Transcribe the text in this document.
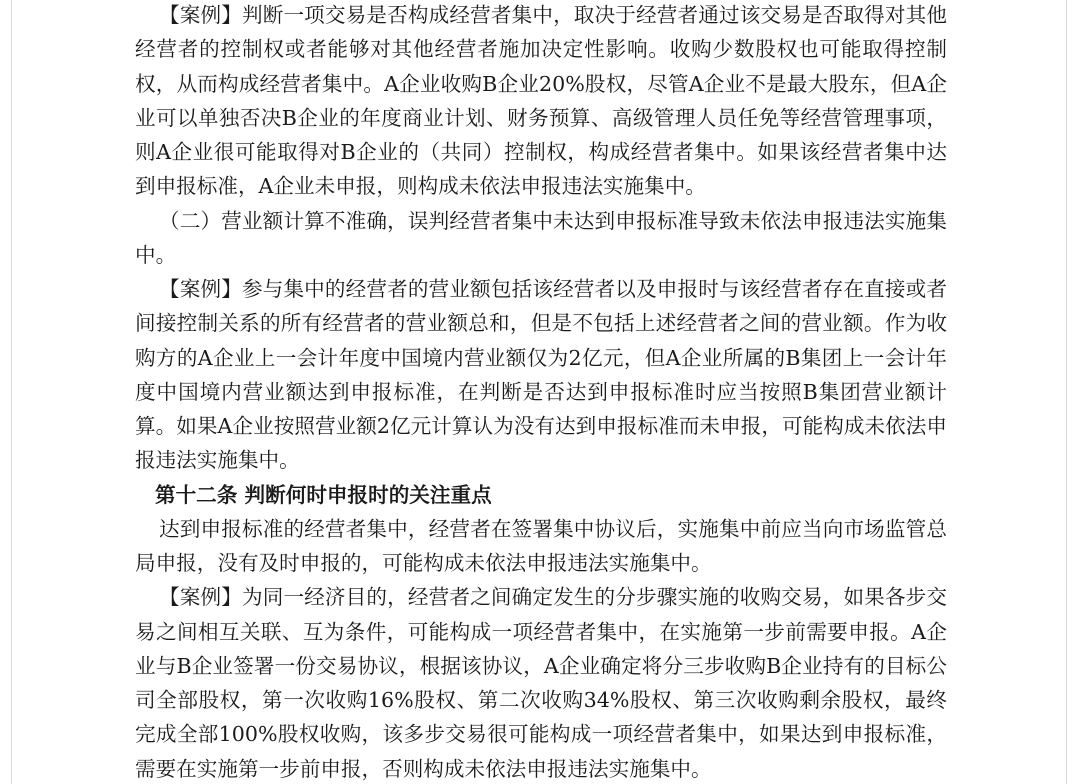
【案例】判断一项交易是否构成经营者集中，取决于经营者通过该交易是否取得对其他经营者的控制权或者能够对其他经营者施加决定性影响。收购少数股权也可能取得控制权，从而构成经营者集中。A企业收购B企业20%股权，尽管A企业不是最大股东，但A企业可以单独否决B企业的年度商业计划、财务预算、高级管理人员任免等经营管理事项，则A企业很可能取得对B企业的（共同）控制权，构成经营者集中。如果该经营者集中达到申报标准，A企业未申报，则构成未依法申报违法实施集中。

（二）营业额计算不准确，误判经营者集中未达到申报标准导致未依法申报违法实施集中。

【案例】参与集中的经营者的营业额包括该经营者以及申报时与该经营者存在直接或者间接控制关系的所有经营者的营业额总和，但是不包括上述经营者之间的营业额。作为收购方的A企业上一会计年度中国境内营业额仅为2亿元，但A企业所属的B集团上一会计年度中国境内营业额达到申报标准，在判断是否达到申报标准时应当按照B集团营业额计算。如果A企业按照营业额2亿元计算认为没有达到申报标准而未申报，可能构成未依法申报违法实施集中。

第十二条 判断何时申报时的关注重点

达到申报标准的经营者集中，经营者在签署集中协议后，实施集中前应当向市场监管总局申报，没有及时申报的，可能构成未依法申报违法实施集中。

【案例】为同一经济目的，经营者之间确定发生的分步骤实施的收购交易，如果各步交易之间相互关联、互为条件，可能构成一项经营者集中，在实施第一步前需要申报。A企业与B企业签署一份交易协议，根据该协议，A企业确定将分三步收购B企业持有的目标公司全部股权，第一次收购16%股权、第二次收购34%股权、第三次收购剩余股权，最终完成全部100%股权收购，该多步交易很可能构成一项经营者集中，如果达到申报标准，需要在实施第一步前申报，否则构成未依法申报违法实施集中。
